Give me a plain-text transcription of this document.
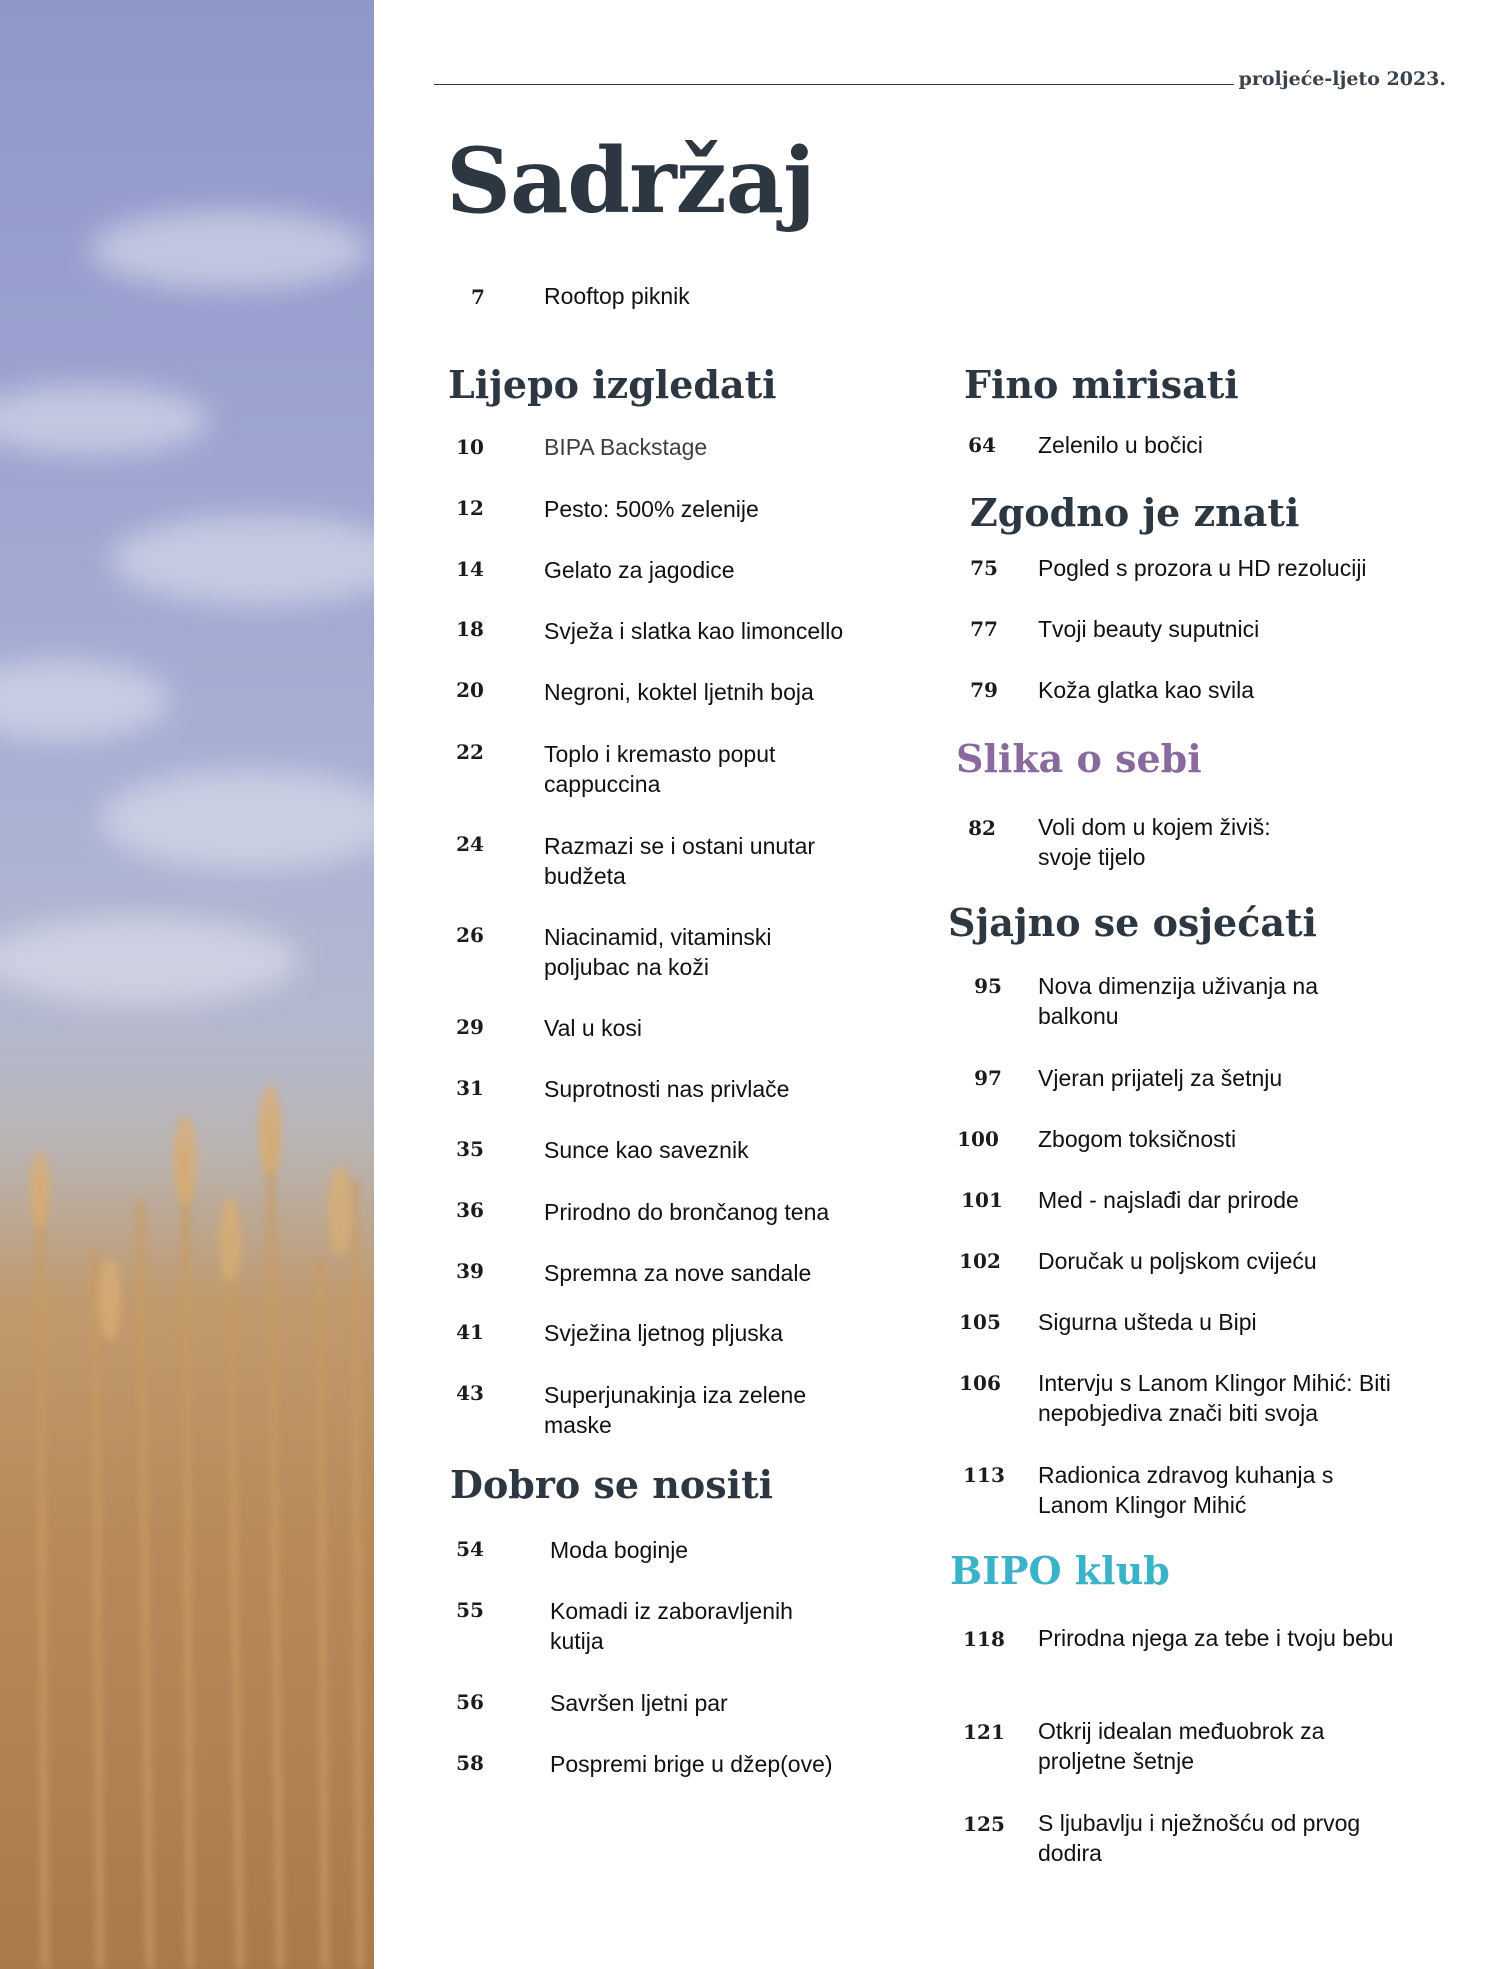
proljeće-ljeto 2023.
Sadržaj
7	Rooftop piknik
Lijepo izgledati
10	BIPA Backstage
12	Pesto: 500% zelenije
14	Gelato za jagodice
18	Svježa i slatka kao limoncello
20	Negroni, koktel ljetnih boja
22	Toplo i kremasto poput cappuccina
24	Razmazi se i ostani unutar budžeta
26	Niacinamid, vitaminski poljubac na koži
29	Val u kosi
31	Suprotnosti nas privlače
35	Sunce kao saveznik
36	Prirodno do brončanog tena
39	Spremna za nove sandale
41	Svježina ljetnog pljuska
43	Superjunakinja iza zelene maske
Dobro se nositi
54	Moda boginje
55	Komadi iz zaboravljenih kutija
56	Savršen ljetni par
58	Pospremi brige u džep(ove)
Fino mirisati
64	Zelenilo u bočici
Zgodno je znati
75	Pogled s prozora u HD rezoluciji
77	Tvoji beauty suputnici
79	Koža glatka kao svila
Slika o sebi
82	Voli dom u kojem živiš: svoje tijelo
Sjajno se osjećati
95	Nova dimenzija uživanja na balkonu
97	Vjeran prijatelj za šetnju
100	Zbogom toksičnosti
101	Med - najslađi dar prirode
102	Doručak u poljskom cvijeću
105	Sigurna ušteda u Bipi
106	Intervju s Lanom Klingor Mihić: Biti nepobjediva znači biti svoja
113	Radionica zdravog kuhanja s Lanom Klingor Mihić
BIPO klub
118	Prirodna njega za tebe i tvoju bebu
121	Otkrij idealan međuobrok za proljetne šetnje
125	S ljubavlju i nježnošću od prvog dodira
